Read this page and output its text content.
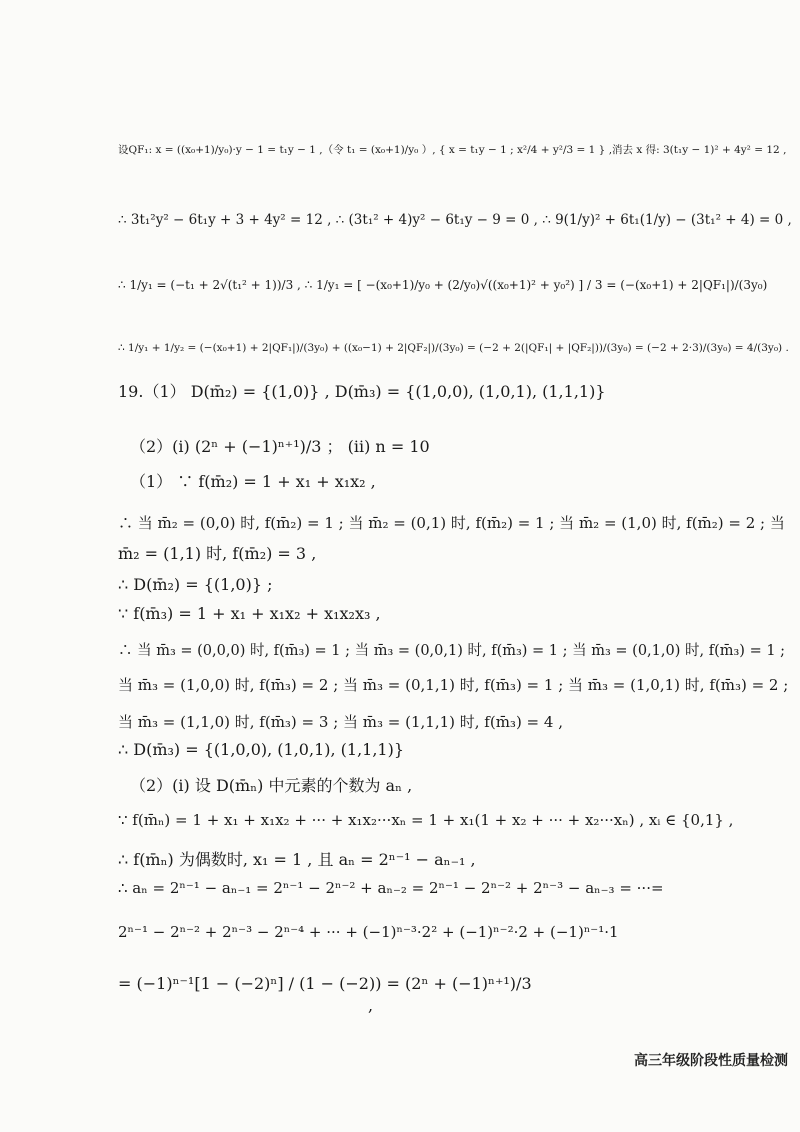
设QF₁: x = ((x₀+1)/y₀)·y − 1 = t₁y − 1 ,（令 t₁ = (x₀+1)/y₀ ）, { x = t₁y − 1 ; x²/4 + y²/3 = 1 } ,消去 x 得: 3(t₁y − 1)² + 4y² = 12 ,
∴ 3t₁²y² − 6t₁y + 3 + 4y² = 12 , ∴ (3t₁² + 4)y² − 6t₁y − 9 = 0 , ∴ 9(1/y)² + 6t₁(1/y) − (3t₁² + 4) = 0 ,
∴ 1/y₁ = (−t₁ + 2√(t₁² + 1))/3 , ∴ 1/y₁ = [ −(x₀+1)/y₀ + (2/y₀)√((x₀+1)² + y₀²) ] / 3 = (−(x₀+1) + 2|QF₁|)/(3y₀)
∴ 1/y₁ + 1/y₂ = (−(x₀+1) + 2|QF₁|)/(3y₀) + ((x₀−1) + 2|QF₂|)/(3y₀) = (−2 + 2(|QF₁| + |QF₂|))/(3y₀) = (−2 + 2·3)/(3y₀) = 4/(3y₀) .
19.（1） D(m̄₂) = {(1,0)} , D(m̄₃) = {(1,0,0), (1,0,1), (1,1,1)}
（2）(i) (2ⁿ + (−1)ⁿ⁺¹)/3 ； (ii) n = 10
（1） ∵ f(m̄₂) = 1 + x₁ + x₁x₂ ,
∴ 当 m̄₂ = (0,0) 时, f(m̄₂) = 1 ; 当 m̄₂ = (0,1) 时, f(m̄₂) = 1 ; 当 m̄₂ = (1,0) 时, f(m̄₂) = 2 ; 当
m̄₂ = (1,1) 时, f(m̄₂) = 3 ,
∴ D(m̄₂) = {(1,0)} ;
∵ f(m̄₃) = 1 + x₁ + x₁x₂ + x₁x₂x₃ ,
∴ 当 m̄₃ = (0,0,0) 时, f(m̄₃) = 1 ; 当 m̄₃ = (0,0,1) 时, f(m̄₃) = 1 ; 当 m̄₃ = (0,1,0) 时, f(m̄₃) = 1 ;
当 m̄₃ = (1,0,0) 时, f(m̄₃) = 2 ; 当 m̄₃ = (0,1,1) 时, f(m̄₃) = 1 ; 当 m̄₃ = (1,0,1) 时, f(m̄₃) = 2 ;
当 m̄₃ = (1,1,0) 时, f(m̄₃) = 3 ; 当 m̄₃ = (1,1,1) 时, f(m̄₃) = 4 ,
∴ D(m̄₃) = {(1,0,0), (1,0,1), (1,1,1)}
（2）(i) 设 D(m̄ₙ) 中元素的个数为 aₙ ,
∵ f(m̄ₙ) = 1 + x₁ + x₁x₂ + ··· + x₁x₂···xₙ = 1 + x₁(1 + x₂ + ··· + x₂···xₙ) , xᵢ ∈ {0,1} ,
∴ f(m̄ₙ) 为偶数时, x₁ = 1 , 且 aₙ = 2ⁿ⁻¹ − aₙ₋₁ ,
∴ aₙ = 2ⁿ⁻¹ − aₙ₋₁ = 2ⁿ⁻¹ − 2ⁿ⁻² + aₙ₋₂ = 2ⁿ⁻¹ − 2ⁿ⁻² + 2ⁿ⁻³ − aₙ₋₃ = ···=
2ⁿ⁻¹ − 2ⁿ⁻² + 2ⁿ⁻³ − 2ⁿ⁻⁴ + ··· + (−1)ⁿ⁻³·2² + (−1)ⁿ⁻²·2 + (−1)ⁿ⁻¹·1
= (−1)ⁿ⁻¹[1 − (−2)ⁿ] / (1 − (−2)) = (2ⁿ + (−1)ⁿ⁺¹)/3
,
高三年级阶段性质量检测
